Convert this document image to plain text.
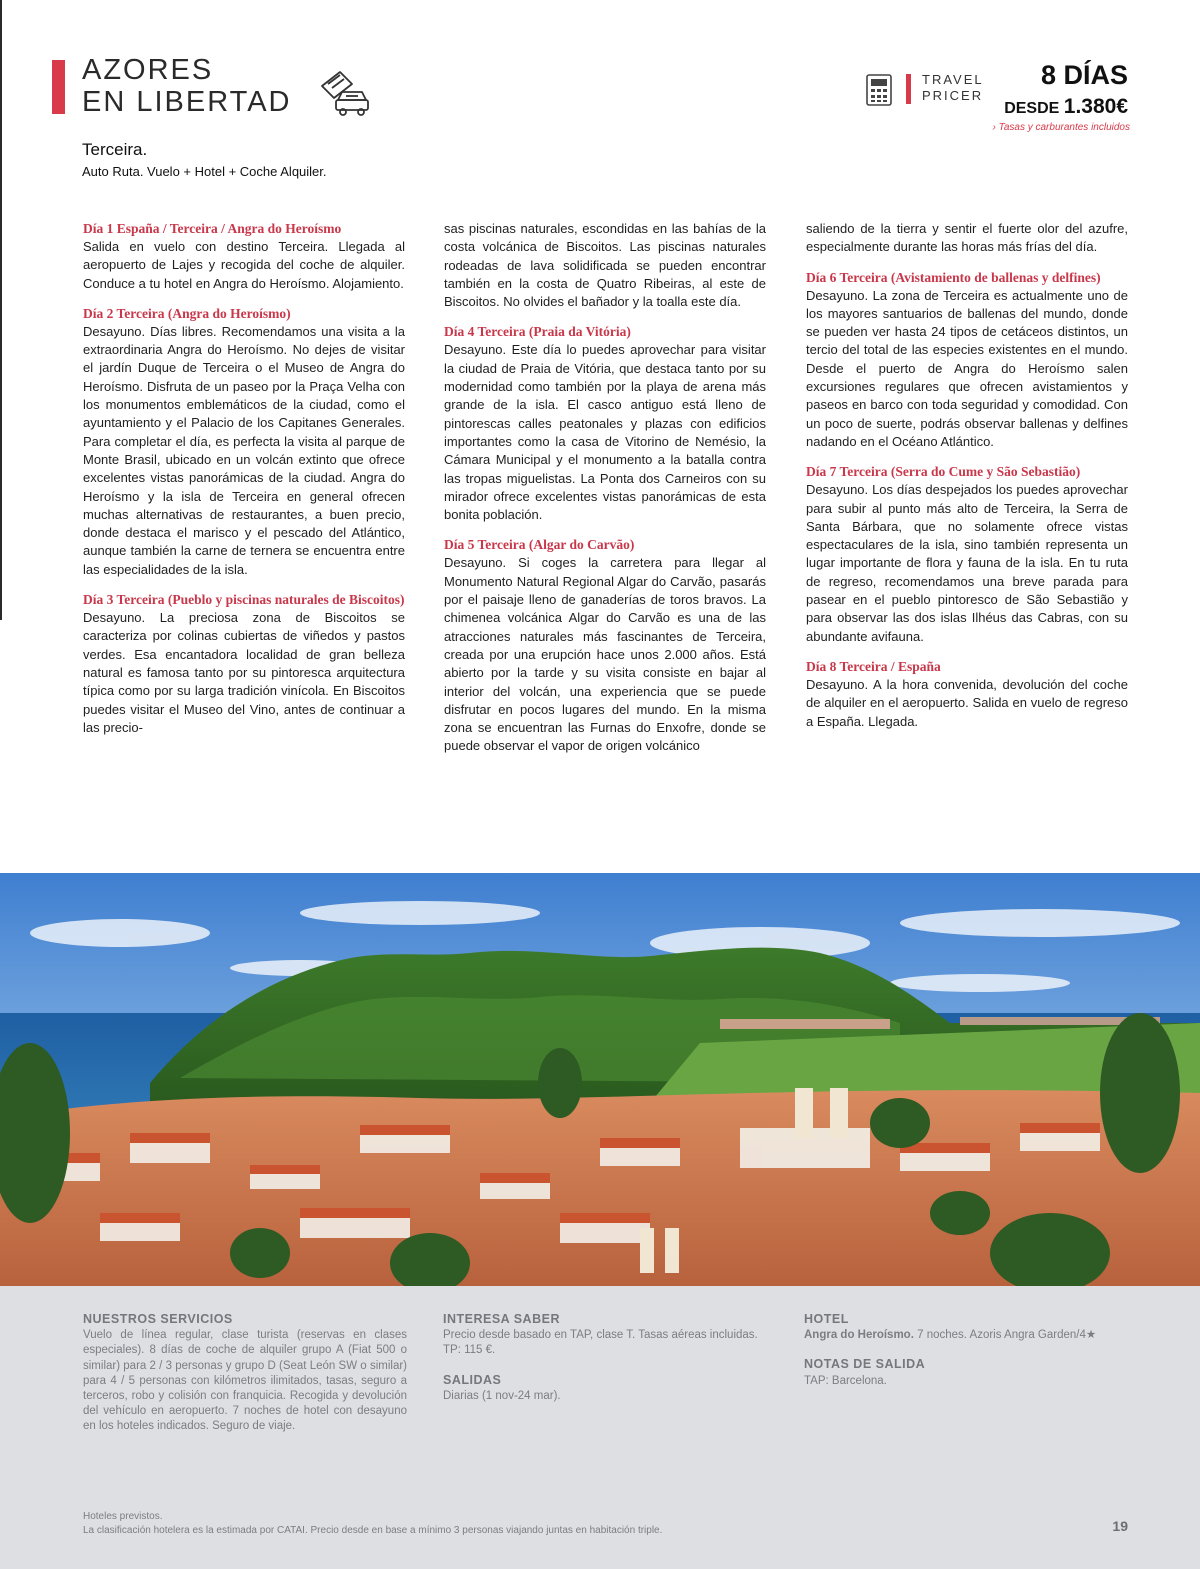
AZORES
EN LIBERTAD
Terceira.
Auto Ruta. Vuelo + Hotel + Coche Alquiler.
TRAVEL
PRICER
8 DÍAS
DESDE 1.380€
› Tasas y carburantes incluidos
Día 1 España / Terceira / Angra do Heroísmo
Salida en vuelo con destino Terceira. Llegada al aeropuerto de Lajes y recogida del coche de alquiler. Conduce a tu hotel en Angra do Heroísmo. Alojamiento.
Día 2 Terceira (Angra do Heroísmo)
Desayuno. Días libres. Recomendamos una visita a la extraordinaria Angra do Heroísmo. No dejes de visitar el jardín Duque de Terceira o el Museo de Angra do Heroísmo. Disfruta de un paseo por la Praça Velha con los monumentos emblemáticos de la ciudad, como el ayuntamiento y el Palacio de los Capitanes Generales. Para completar el día, es perfecta la visita al parque de Monte Brasil, ubicado en un volcán extinto que ofrece excelentes vistas panorámicas de la ciudad. Angra do Heroísmo y la isla de Terceira en general ofrecen muchas alternativas de restaurantes, a buen precio, donde destaca el marisco y el pescado del Atlántico, aunque también la carne de ternera se encuentra entre las especialidades de la isla.
Día 3 Terceira (Pueblo y piscinas naturales de Biscoitos)
Desayuno. La preciosa zona de Biscoitos se caracteriza por colinas cubiertas de viñedos y pastos verdes. Esa encantadora localidad de gran belleza natural es famosa tanto por su pintoresca arquitectura típica como por su larga tradición vinícola. En Biscoitos puedes visitar el Museo del Vino, antes de continuar a las precio-
sas piscinas naturales, escondidas en las bahías de la costa volcánica de Biscoitos. Las piscinas naturales rodeadas de lava solidificada se pueden encontrar también en la costa de Quatro Ribeiras, al este de Biscoitos. No olvides el bañador y la toalla este día.
Día 4 Terceira (Praia da Vitória)
Desayuno. Este día lo puedes aprovechar para visitar la ciudad de Praia de Vitória, que destaca tanto por su modernidad como también por la playa de arena más grande de la isla. El casco antiguo está lleno de pintorescas calles peatonales y plazas con edificios importantes como la casa de Vitorino de Nemésio, la Cámara Municipal y el monumento a la batalla contra las tropas miguelistas. La Ponta dos Carneiros con su mirador ofrece excelentes vistas panorámicas de esta bonita población.
Día 5 Terceira (Algar do Carvão)
Desayuno. Si coges la carretera para llegar al Monumento Natural Regional Algar do Carvão, pasarás por el paisaje lleno de ganaderías de toros bravos. La chimenea volcánica Algar do Carvão es una de las atracciones naturales más fascinantes de Terceira, creada por una erupción hace unos 2.000 años. Está abierto por la tarde y su visita consiste en bajar al interior del volcán, una experiencia que se puede disfrutar en pocos lugares del mundo. En la misma zona se encuentran las Furnas do Enxofre, donde se puede observar el vapor de origen volcánico
saliendo de la tierra y sentir el fuerte olor del azufre, especialmente durante las horas más frías del día.
Día 6 Terceira (Avistamiento de ballenas y delfines)
Desayuno. La zona de Terceira es actualmente uno de los mayores santuarios de ballenas del mundo, donde se pueden ver hasta 24 tipos de cetáceos distintos, un tercio del total de las especies existentes en el mundo. Desde el puerto de Angra do Heroísmo salen excursiones regulares que ofrecen avistamientos y paseos en barco con toda seguridad y comodidad. Con un poco de suerte, podrás observar ballenas y delfines nadando en el Océano Atlántico.
Día 7 Terceira (Serra do Cume y São Sebastião)
Desayuno. Los días despejados los puedes aprovechar para subir al punto más alto de Terceira, la Serra de Santa Bárbara, que no solamente ofrece vistas espectaculares de la isla, sino también representa un lugar importante de flora y fauna de la isla. En tu ruta de regreso, recomendamos una breve parada para pasear en el pueblo pintoresco de São Sebastião y para observar las dos islas Ilhéus das Cabras, con su abundante avifauna.
Día 8 Terceira / España
Desayuno. A la hora convenida, devolución del coche de alquiler en el aeropuerto. Salida en vuelo de regreso a España. Llegada.
NUESTROS SERVICIOS
Vuelo de línea regular, clase turista (reservas en clases especiales). 8 días de coche de alquiler grupo A (Fiat 500 o similar) para 2 / 3 personas y grupo D (Seat León SW o similar) para 4 / 5 personas con kilómetros ilimitados, tasas, seguro a terceros, robo y colisión con franquicia. Recogida y devolución del vehículo en aeropuerto. 7 noches de hotel con desayuno en los hoteles indicados. Seguro de viaje.
INTERESA SABER
Precio desde basado en TAP, clase T. Tasas aéreas incluidas. TP: 115 €.
SALIDAS
Diarias (1 nov-24 mar).
HOTEL
Angra do Heroísmo. 7 noches. Azoris Angra Garden/4★
NOTAS DE SALIDA
TAP: Barcelona.
Hoteles previstos.
La clasificación hotelera es la estimada por CATAI. Precio desde en base a mínimo 3 personas viajando juntas en habitación triple.	19
